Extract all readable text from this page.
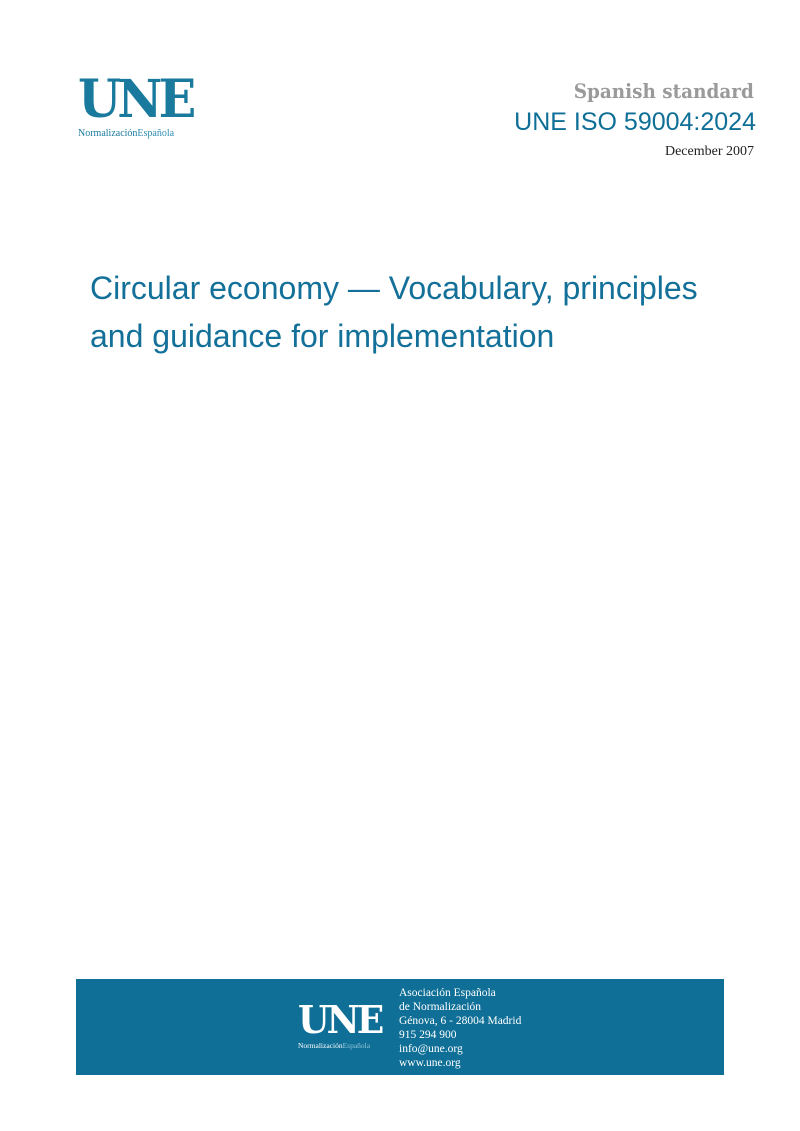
UNE
NormalizaciónEspañola
Spanish standard
UNE ISO 59004:2024
December 2007
Circular economy — Vocabulary, principles
and guidance for implementation
UNE
NormalizaciónEspañola
Asociación Española
de Normalización
Génova, 6 - 28004 Madrid
915 294 900
info@une.org
www.une.org
